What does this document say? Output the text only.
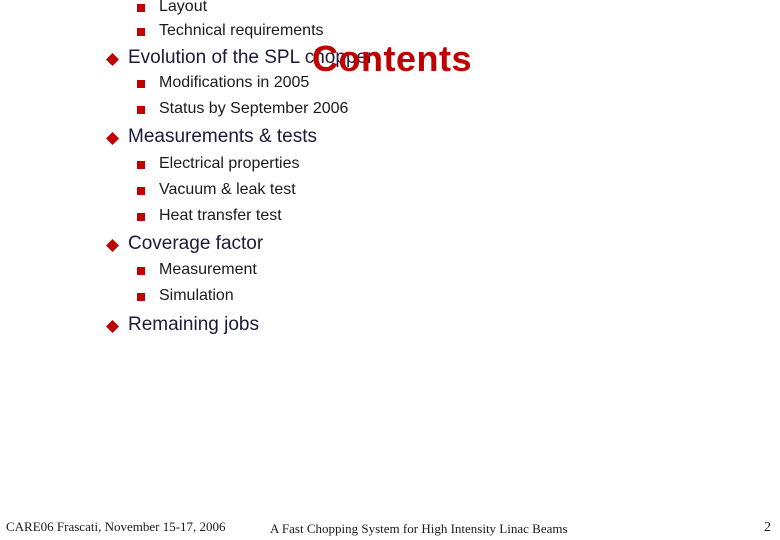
Layout
Technical requirements
Evolution of the SPL chopper
Modifications in 2005
Status by September 2006
Measurements & tests
Electrical properties
Vacuum & leak test
Heat transfer test
Coverage factor
Measurement
Simulation
Remaining jobs
Contents
CARE06 Frascati, November 15-17, 2006	A Fast Chopping System for High Intensity Linac Beams	2
